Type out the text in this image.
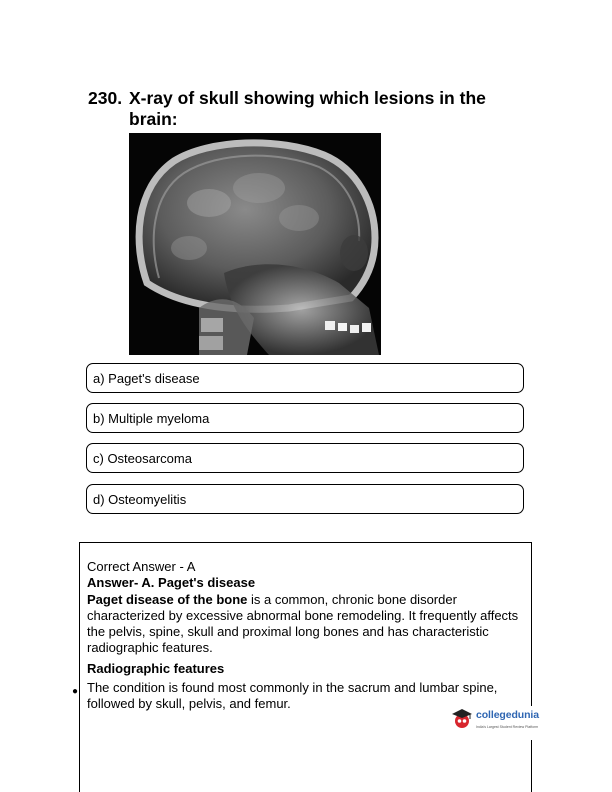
230. X-ray of skull showing which lesions in the brain:
a) Paget's disease
b) Multiple myeloma
c) Osteosarcoma
d) Osteomyelitis
Correct Answer - A
Answer- A. Paget's disease
Paget disease of the bone is a common, chronic bone disorder characterized by excessive abnormal bone remodeling. It frequently affects the pelvis, spine, skull and proximal long bones and has characteristic radiographic features.
Radiographic features
● The condition is found most commonly in the sacrum and lumbar spine, followed by skull, pelvis, and femur.
collegedunia
India's Largest Student Review Platform
